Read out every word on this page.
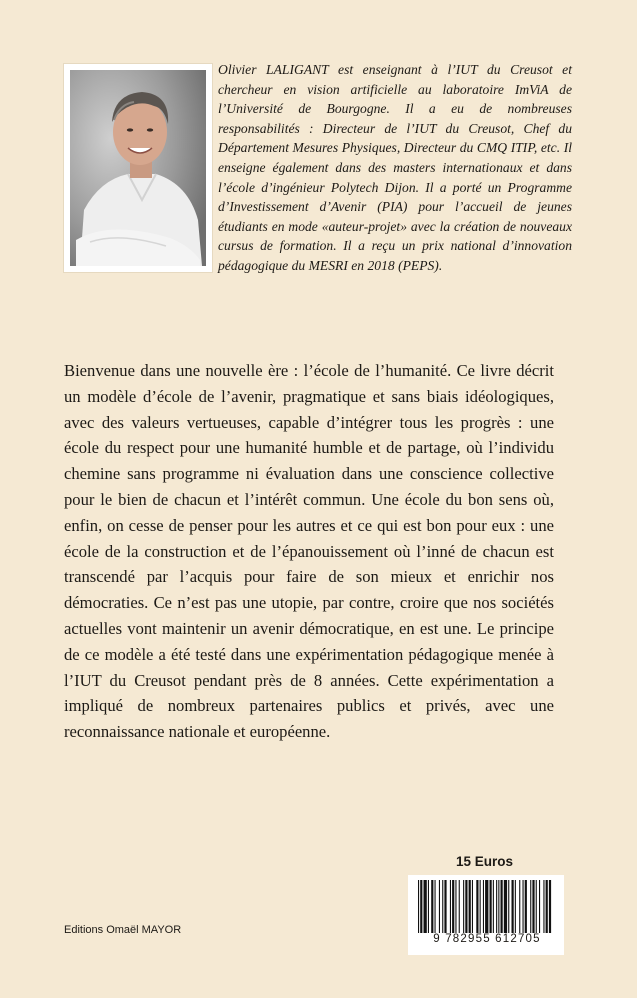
Olivier LALIGANT est enseignant à l’IUT du Creusot et chercheur en vision artificielle au laboratoire ImViA de l’Université de Bourgogne. Il a eu de nombreuses responsabilités : Directeur de l’IUT du Creusot, Chef du Département Mesures Physiques, Directeur du CMQ ITIP, etc. Il enseigne également dans des masters internationaux et dans l’école d’ingénieur Polytech Dijon. Il a porté un Programme d’Investissement d’Avenir (PIA) pour l’accueil de jeunes étudiants en mode «auteur-projet» avec la création de nouveaux cursus de formation. Il a reçu un prix national d’innovation pédagogique du MESRI en 2018 (PEPS).

Bienvenue dans une nouvelle ère : l’école de l’humanité. Ce livre décrit un modèle d’école de l’avenir, pragmatique et sans biais idéologiques, avec des valeurs vertueuses, capable d’intégrer tous les progrès : une école du respect pour une humanité humble et de partage, où l’individu chemine sans programme ni évaluation dans une conscience collective pour le bien de chacun et l’intérêt commun. Une école du bon sens où, enfin, on cesse de penser pour les autres et ce qui est bon pour eux : une école de la construction et de l’épanouissement où l’inné de chacun est transcendé par l’acquis pour faire de son mieux et enrichir nos démocraties. Ce n’est pas une utopie, par contre, croire que nos sociétés actuelles vont maintenir un avenir démocratique, en est une. Le principe de ce modèle a été testé dans une expérimentation pédagogique menée à l’IUT du Creusot pendant près de 8 années. Cette expérimentation a impliqué de nombreux partenaires publics et privés, avec une reconnaissance nationale et européenne.

15 Euros
Editions Omaël MAYOR
9 782955 612705
